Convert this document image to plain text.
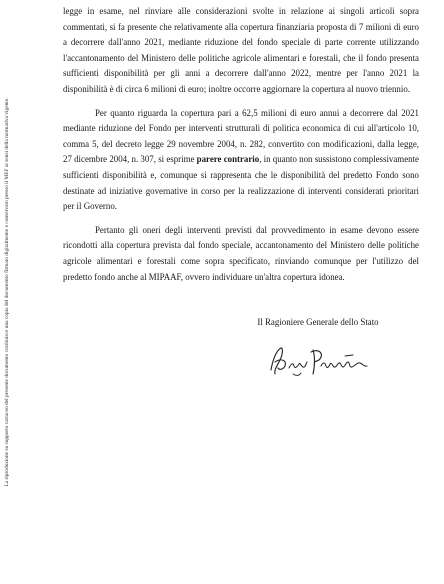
La riproduzione su supporto cartaceo del presente documento costituisce una copia del documento firmato digitalmente e conservato presso il MEF ai sensi della normativa vigente.

legge in esame, nel rinviare alle considerazioni svolte in relazione ai singoli articoli sopra commentati, si fa presente che relativamente alla copertura finanziaria proposta di 7 milioni di euro a decorrere dall'anno 2021, mediante riduzione del fondo speciale di parte corrente utilizzando l'accantonamento del Ministero delle politiche agricole alimentari e forestali, che il fondo presenta sufficienti disponibilità per gli anni a decorrere dall'anno 2022, mentre per l'anno 2021 la disponibilità è di circa 6 milioni di euro; inoltre occorre aggiornare la copertura al nuovo triennio.

Per quanto riguarda la copertura pari a 62,5 milioni di euro annui a decorrere dal 2021 mediante riduzione del Fondo per interventi strutturali di politica economica di cui all'articolo 10, comma 5, del decreto legge 29 novembre 2004, n. 282, convertito con modificazioni, dalla legge, 27 dicembre 2004, n. 307, si esprime parere contrario, in quanto non sussistono complessivamente sufficienti disponibilità e, comunque si rappresenta che le disponibilità del predetto Fondo sono destinate ad iniziative governative in corso per la realizzazione di interventi considerati prioritari per il Governo.

Pertanto gli oneri degli interventi previsti dal provvedimento in esame devono essere ricondotti alla copertura prevista dal fondo speciale, accantonamento del Ministero delle politiche agricole alimentari e forestali come sopra specificato, rinviando comunque per l'utilizzo del predetto fondo anche al MIPAAF, ovvero individuare un'altra copertura idonea.

Il Ragioniere Generale dello Stato
